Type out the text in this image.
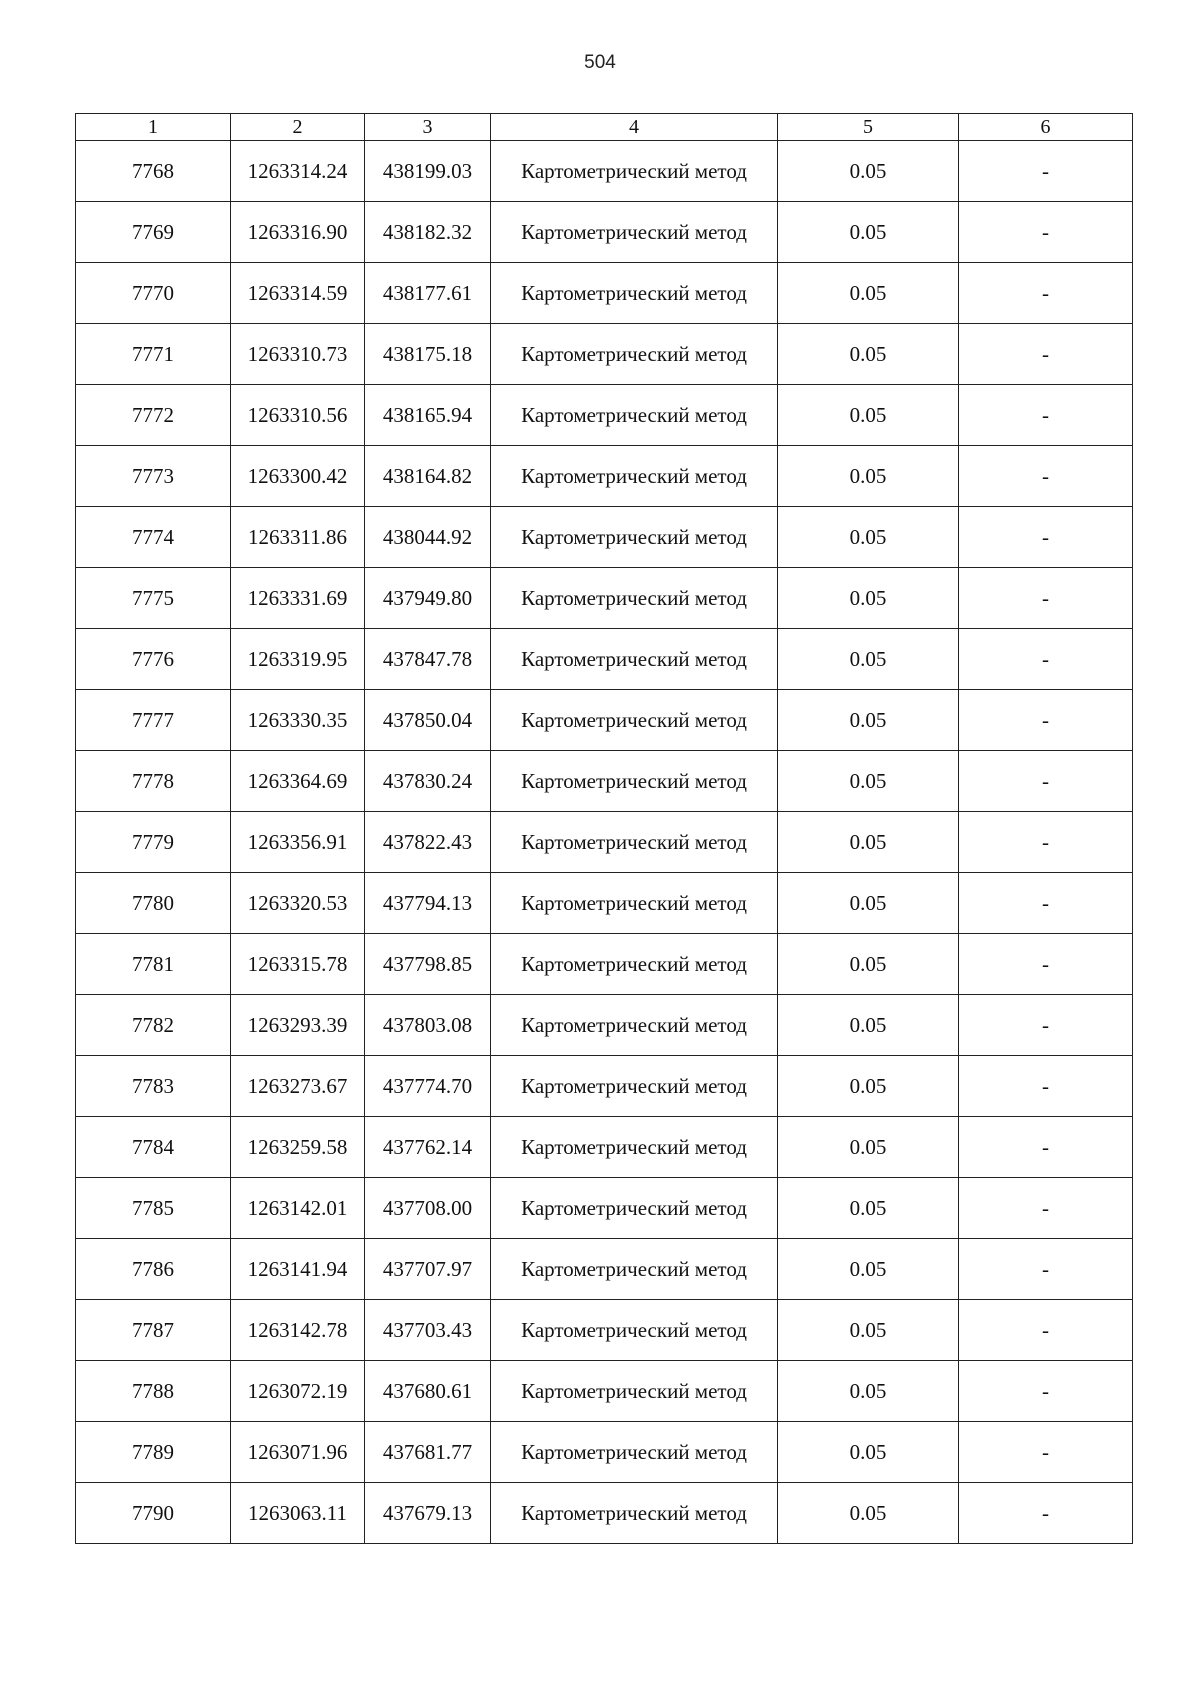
504
1	2	3	4	5	6
7768	1263314.24	438199.03	Картометрический метод	0.05	-
7769	1263316.90	438182.32	Картометрический метод	0.05	-
7770	1263314.59	438177.61	Картометрический метод	0.05	-
7771	1263310.73	438175.18	Картометрический метод	0.05	-
7772	1263310.56	438165.94	Картометрический метод	0.05	-
7773	1263300.42	438164.82	Картометрический метод	0.05	-
7774	1263311.86	438044.92	Картометрический метод	0.05	-
7775	1263331.69	437949.80	Картометрический метод	0.05	-
7776	1263319.95	437847.78	Картометрический метод	0.05	-
7777	1263330.35	437850.04	Картометрический метод	0.05	-
7778	1263364.69	437830.24	Картометрический метод	0.05	-
7779	1263356.91	437822.43	Картометрический метод	0.05	-
7780	1263320.53	437794.13	Картометрический метод	0.05	-
7781	1263315.78	437798.85	Картометрический метод	0.05	-
7782	1263293.39	437803.08	Картометрический метод	0.05	-
7783	1263273.67	437774.70	Картометрический метод	0.05	-
7784	1263259.58	437762.14	Картометрический метод	0.05	-
7785	1263142.01	437708.00	Картометрический метод	0.05	-
7786	1263141.94	437707.97	Картометрический метод	0.05	-
7787	1263142.78	437703.43	Картометрический метод	0.05	-
7788	1263072.19	437680.61	Картометрический метод	0.05	-
7789	1263071.96	437681.77	Картометрический метод	0.05	-
7790	1263063.11	437679.13	Картометрический метод	0.05	-
